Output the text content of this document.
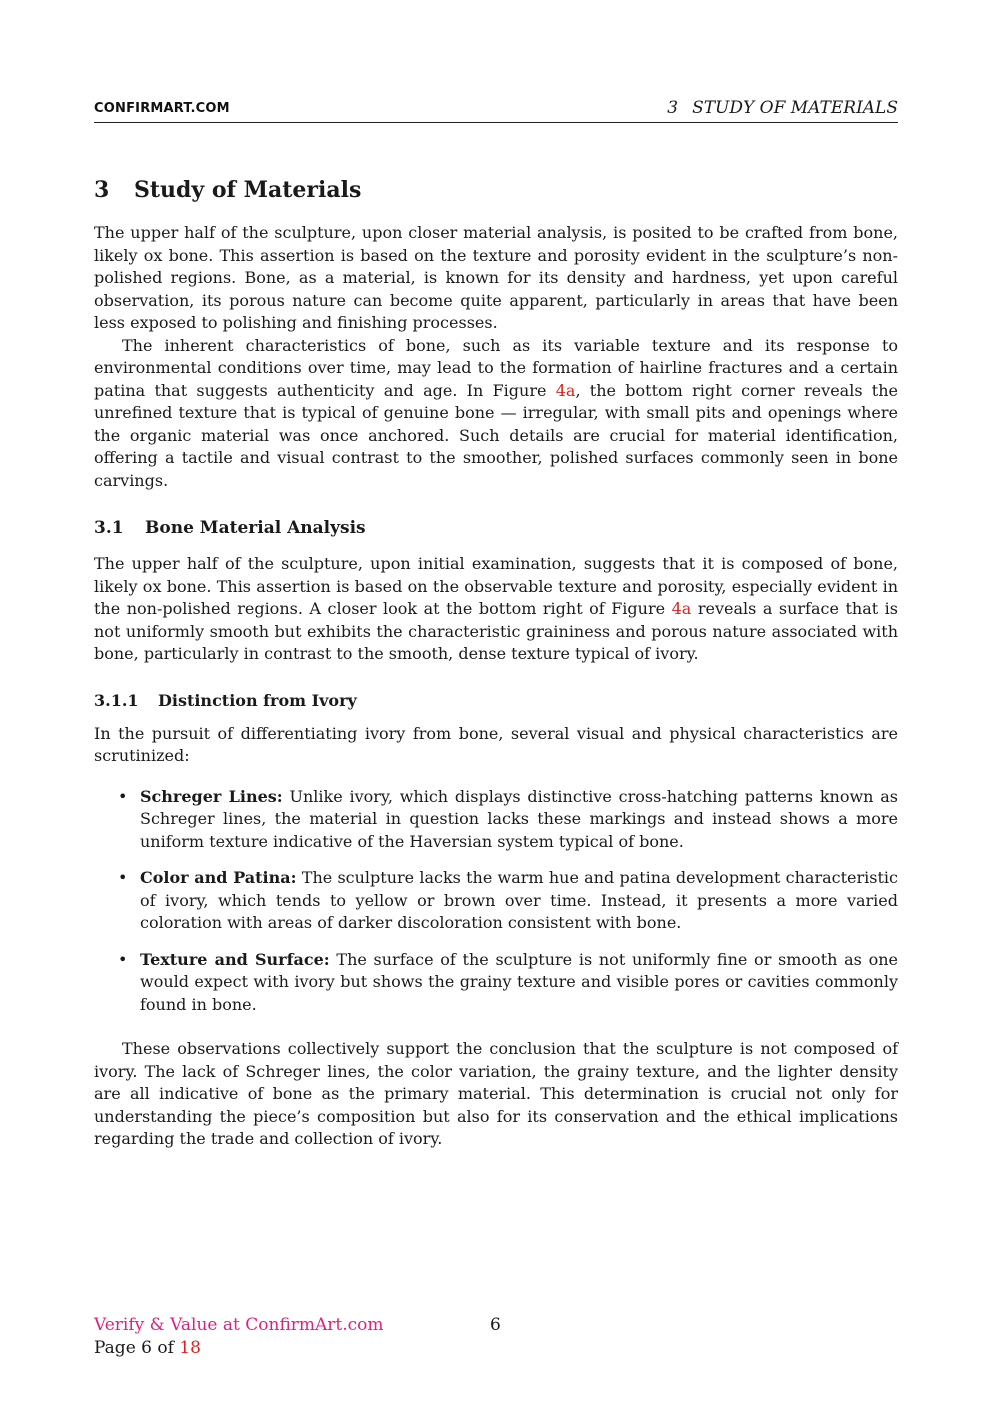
CONFIRMART.COM	3 STUDY OF MATERIALS
3 Study of Materials

The upper half of the sculpture, upon closer material analysis, is posited to be crafted from bone, likely ox bone. This assertion is based on the texture and porosity evident in the sculpture’s non-polished regions. Bone, as a material, is known for its density and hardness, yet upon careful observation, its porous nature can become quite apparent, particularly in areas that have been less exposed to polishing and finishing processes.

The inherent characteristics of bone, such as its variable texture and its response to environmental conditions over time, may lead to the formation of hairline fractures and a certain patina that suggests authenticity and age. In Figure 4a, the bottom right corner reveals the unrefined texture that is typical of genuine bone — irregular, with small pits and openings where the organic material was once anchored. Such details are crucial for material identification, offering a tactile and visual contrast to the smoother, polished surfaces commonly seen in bone carvings.

3.1 Bone Material Analysis

The upper half of the sculpture, upon initial examination, suggests that it is composed of bone, likely ox bone. This assertion is based on the observable texture and porosity, especially evident in the non-polished regions. A closer look at the bottom right of Figure 4a reveals a surface that is not uniformly smooth but exhibits the characteristic graininess and porous nature associated with bone, particularly in contrast to the smooth, dense texture typical of ivory.

3.1.1 Distinction from Ivory

In the pursuit of differentiating ivory from bone, several visual and physical characteristics are scrutinized:

• Schreger Lines: Unlike ivory, which displays distinctive cross-hatching patterns known as Schreger lines, the material in question lacks these markings and instead shows a more uniform texture indicative of the Haversian system typical of bone.
• Color and Patina: The sculpture lacks the warm hue and patina development characteristic of ivory, which tends to yellow or brown over time. Instead, it presents a more varied coloration with areas of darker discoloration consistent with bone.
• Texture and Surface: The surface of the sculpture is not uniformly fine or smooth as one would expect with ivory but shows the grainy texture and visible pores or cavities commonly found in bone.

These observations collectively support the conclusion that the sculpture is not composed of ivory. The lack of Schreger lines, the color variation, the grainy texture, and the lighter density are all indicative of bone as the primary material. This determination is crucial not only for understanding the piece’s composition but also for its conservation and the ethical implications regarding the trade and collection of ivory.

Verify & Value at ConfirmArt.com	6
Page 6 of 18
